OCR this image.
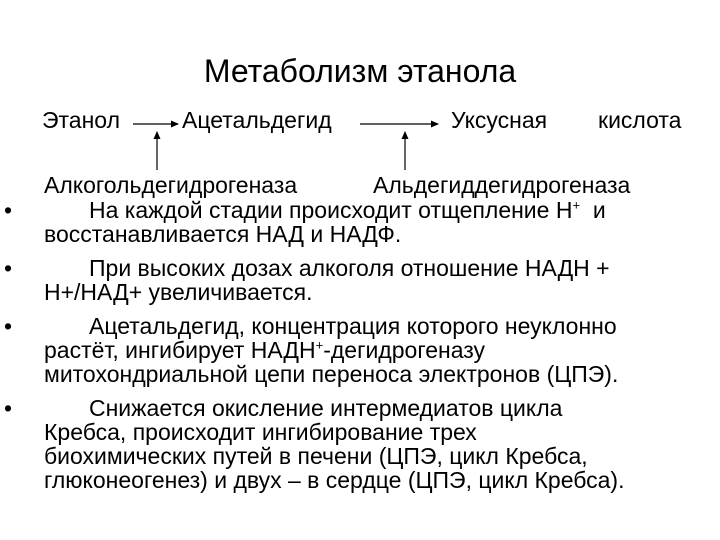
Метаболизм этанола
Этанол	Ацетальдегид	Уксусная кислота
Алкогольдегидрогеназа	Альдегиддегидрогеназа
•	На каждой стадии происходит отщепление Н+  и
восстанавливается НАД и НАДФ.
•	При высоких дозах алкоголя отношение НАДН +
Н+/НАД+ увеличивается.
•	Ацетальдегид, концентрация которого неуклонно
растёт, ингибирует НАДН+-дегидрогеназу
митохондриальной цепи переноса электронов (ЦПЭ).
•	Снижается окисление интермедиатов цикла
Кребса, происходит ингибирование трех
биохимических путей в печени (ЦПЭ, цикл Кребса,
глюконеогенез) и двух – в сердце (ЦПЭ, цикл Кребса).
